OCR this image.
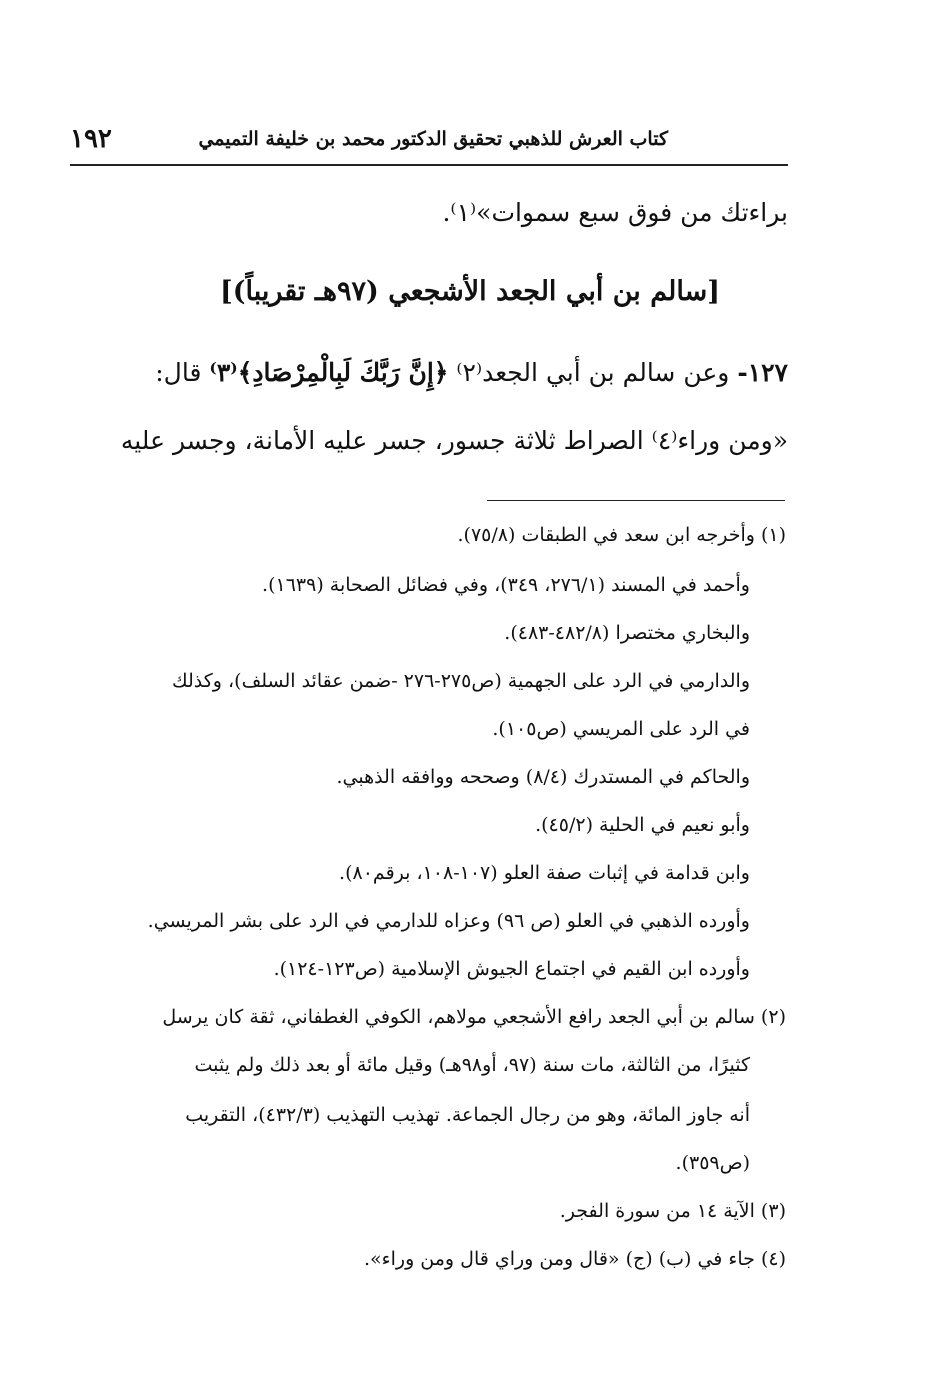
كتاب العرش للذهبي تحقيق الدكتور محمد بن خليفة التميمي
١٩٢
براءتك من فوق سبع سموات»⁽١⁾.
[سالم بن أبي الجعد الأشجعي (٩٧هـ تقريباً)]
١٢٧- وعن سالم بن أبي الجعد⁽٢⁾ ﴿إِنَّ رَبَّكَ لَبِالْمِرْصَادِ﴾⁽٣⁾ قال:
«ومن وراء⁽٤⁾ الصراط ثلاثة جسور، جسر عليه الأمانة، وجسر عليه
(١) وأخرجه ابن سعد في الطبقات (٧٥/٨).
وأحمد في المسند (٢٧٦/١، ٣٤٩)، وفي فضائل الصحابة (١٦٣٩).
والبخاري مختصرا (٤٨٢/٨-٤٨٣).
والدارمي في الرد على الجهمية (ص٢٧٥-٢٧٦ -ضمن عقائد السلف)، وكذلك
في الرد على المريسي (ص١٠٥).
والحاكم في المستدرك (٨/٤) وصححه ووافقه الذهبي.
وأبو نعيم في الحلية (٤٥/٢).
وابن قدامة في إثبات صفة العلو (١٠٧-١٠٨، برقم٨٠).
وأورده الذهبي في العلو (ص ٩٦) وعزاه للدارمي في الرد على بشر المريسي.
وأورده ابن القيم في اجتماع الجيوش الإسلامية (ص١٢٣-١٢٤).
(٢) سالم بن أبي الجعد رافع الأشجعي مولاهم، الكوفي الغطفاني، ثقة كان يرسل
كثيرًا، من الثالثة، مات سنة (٩٧، أو٩٨هـ) وقيل مائة أو بعد ذلك ولم يثبت
أنه جاوز المائة، وهو من رجال الجماعة. تهذيب التهذيب (٤٣٢/٣)، التقريب
(ص٣٥٩).
(٣) الآية ١٤ من سورة الفجر.
(٤) جاء في (ب) (ج) «قال ومن وراي قال ومن وراء».
